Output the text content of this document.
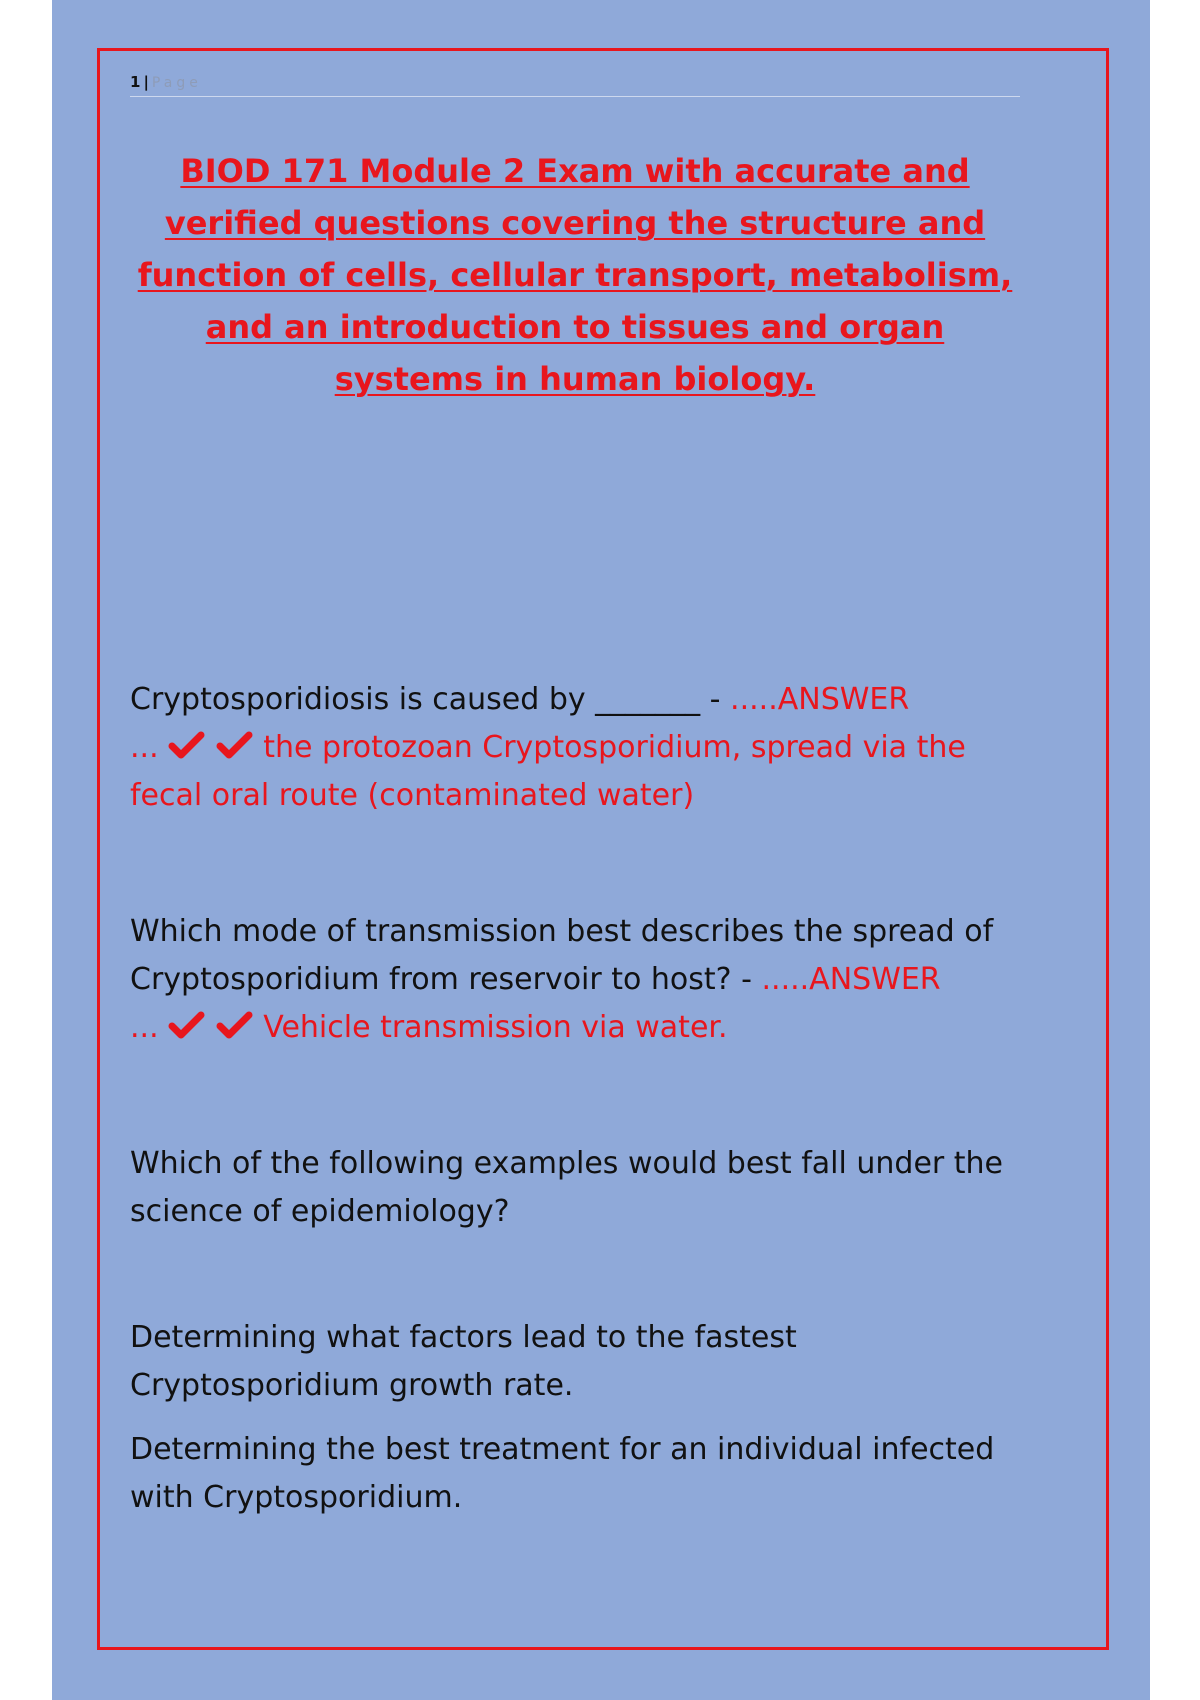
1 | Page
BIOD 171 Module 2 Exam with accurate and verified questions covering the structure and function of cells, cellular transport, metabolism, and an introduction to tissues and organ systems in human biology.

Cryptosporidiosis is caused by _______ - .....ANSWER
...
	the protozoan Cryptosporidium, spread via the fecal oral route (contaminated water)

Which mode of transmission best describes the spread of Cryptosporidium from reservoir to host? - .....ANSWER
...
	Vehicle transmission via water.

Which of the following examples would best fall under the science of epidemiology?

Determining what factors lead to the fastest Cryptosporidium growth rate.

Determining the best treatment for an individual infected with Cryptosporidium.
